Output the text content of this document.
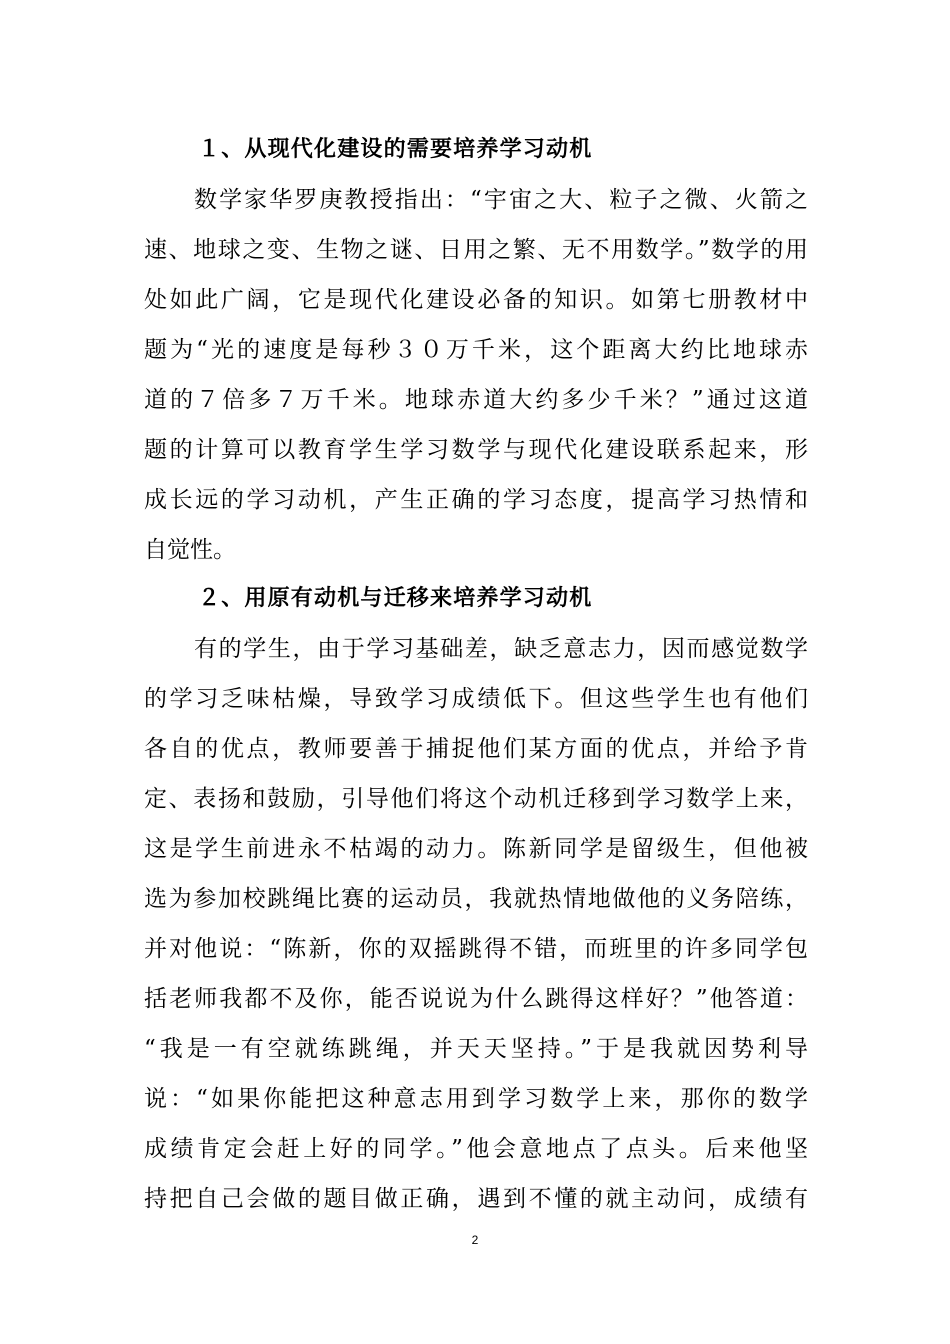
１、从现代化建设的需要培养学习动机
数学家华罗庚教授指出：“宇宙之大、粒子之微、火箭之
速、地球之变、生物之谜、日用之繁、无不用数学。”数学的用
处如此广阔，它是现代化建设必备的知识。如第七册教材中
题为“光的速度是每秒３０万千米，这个距离大约比地球赤
道的７倍多７万千米。地球赤道大约多少千米？”通过这道
题的计算可以教育学生学习数学与现代化建设联系起来，形
成长远的学习动机，产生正确的学习态度，提高学习热情和
自觉性。
２、用原有动机与迁移来培养学习动机
有的学生，由于学习基础差，缺乏意志力，因而感觉数学
的学习乏味枯燥，导致学习成绩低下。但这些学生也有他们
各自的优点，教师要善于捕捉他们某方面的优点，并给予肯
定、表扬和鼓励，引导他们将这个动机迁移到学习数学上来，
这是学生前进永不枯竭的动力。陈新同学是留级生，但他被
选为参加校跳绳比赛的运动员，我就热情地做他的义务陪练，
并对他说：“陈新，你的双摇跳得不错，而班里的许多同学包
括老师我都不及你，能否说说为什么跳得这样好？”他答道：
“我是一有空就练跳绳，并天天坚持。”于是我就因势利导
说：“如果你能把这种意志用到学习数学上来，那你的数学
成绩肯定会赶上好的同学。”他会意地点了点头。后来他坚
持把自己会做的题目做正确，遇到不懂的就主动问，成绩有
2
